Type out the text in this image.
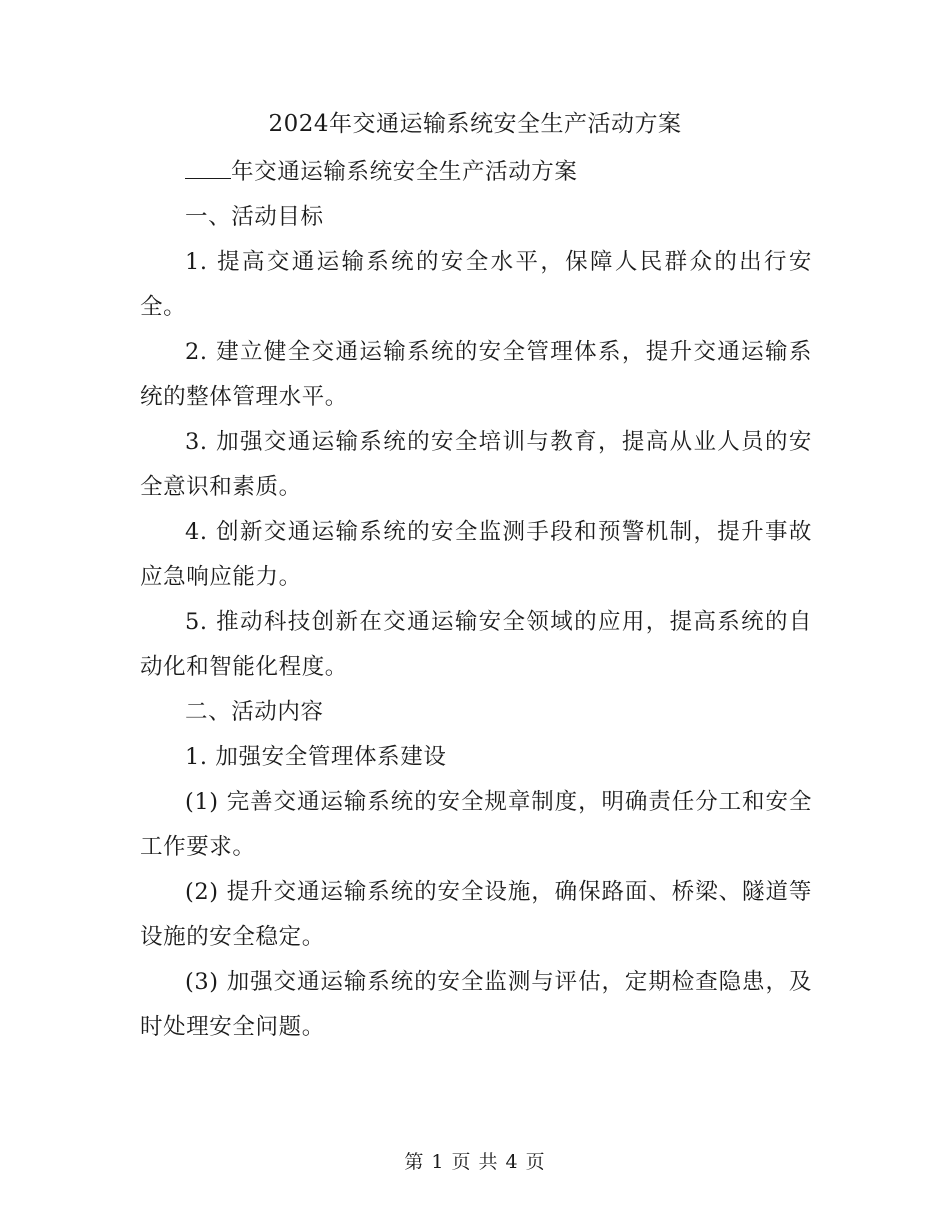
2024年交通运输系统安全生产活动方案

年交通运输系统安全生产活动方案

一、活动目标

1. 提高交通运输系统的安全水平，保障人民群众的出行安全。

2. 建立健全交通运输系统的安全管理体系，提升交通运输系统的整体管理水平。

3. 加强交通运输系统的安全培训与教育，提高从业人员的安全意识和素质。

4. 创新交通运输系统的安全监测手段和预警机制，提升事故应急响应能力。

5. 推动科技创新在交通运输安全领域的应用，提高系统的自动化和智能化程度。

二、活动内容

1. 加强安全管理体系建设

(1) 完善交通运输系统的安全规章制度，明确责任分工和安全工作要求。

(2) 提升交通运输系统的安全设施，确保路面、桥梁、隧道等设施的安全稳定。

(3) 加强交通运输系统的安全监测与评估，定期检查隐患，及时处理安全问题。

第 1 页 共 4 页
